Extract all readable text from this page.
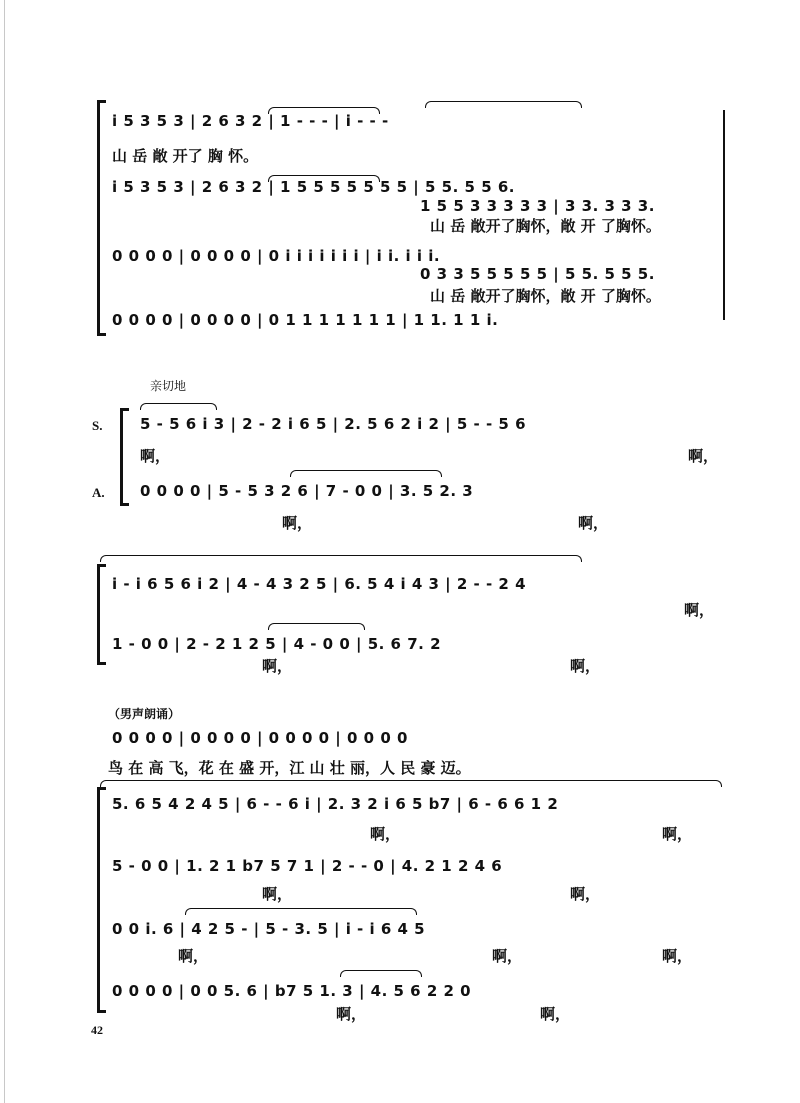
i 5 3 5 3 | 2 6 3 2 | 1 - - - | i - - -
山 岳 敞 开了 胸 怀。
i 5 3 5 3 | 2 6 3 2 | 1 5 5 5 5 5 5 5 | 5 5. 5 5 6.
1 5 5 3 3 3 3 3 | 3 3. 3 3 3.
山 岳 敞开了胸怀，敞 开 了胸怀。
0 0 0 0 | 0 0 0 0 | 0 i i i i i i i | i i. i i i.
0 3 3 5 5 5 5 5 | 5 5. 5 5 5.
山 岳 敞开了胸怀，敞 开 了胸怀。
0 0 0 0 | 0 0 0 0 | 0 1 1 1 1 1 1 1 | 1 1. 1 1 i.
亲切地
S.
A.
5 - 5 6 i 3 | 2 - 2 i 6 5 | 2. 5 6 2 i 2 | 5 - - 5 6
啊，	啊，
0 0 0 0 | 5 - 5 3 2 6 | 7 - 0 0 | 3. 5 2. 3
啊，	啊，
i - i 6 5 6 i 2 | 4 - 4 3 2 5 | 6. 5 4 i 4 3 | 2 - - 2 4
啊，
1 - 0 0 | 2 - 2 1 2 5 | 4 - 0 0 | 5. 6 7. 2
啊，	啊，
（男声朗诵）
0 0 0 0 | 0 0 0 0 | 0 0 0 0 | 0 0 0 0
鸟 在 高 飞，花 在 盛 开，江 山 壮 丽，人 民 豪 迈。
5. 6 5 4 2 4 5 | 6 - - 6 i | 2. 3 2 i 6 5 b7 | 6 - 6 6 1 2
啊，	啊，
5 - 0 0 | 1. 2 1 b7 5 7 1 | 2 - - 0 | 4. 2 1 2 4 6
啊，	啊，
0 0 i. 6 | 4 2 5 - | 5 - 3. 5 | i - i 6 4 5
啊，	啊，	啊，
0 0 0 0 | 0 0 5. 6 | b7 5 1. 3 | 4. 5 6 2 2 0
啊，	啊，
42
